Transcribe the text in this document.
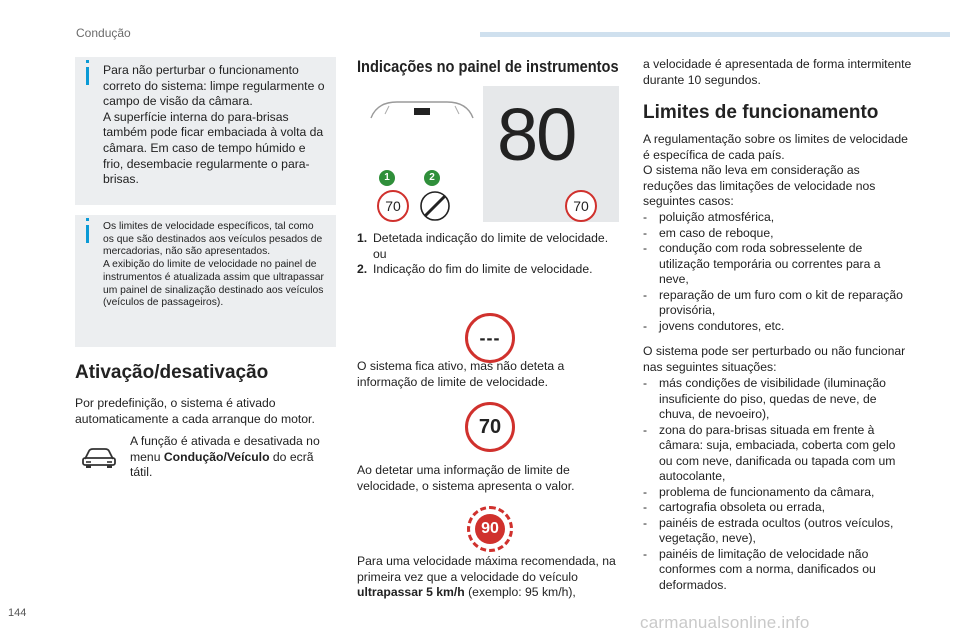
Condução
Para não perturbar o funcionamento correto do sistema: limpe regularmente o campo de visão da câmara.
A superfície interna do para-brisas também pode ficar embaciada à volta da câmara. Em caso de tempo húmido e frio, desembacie regularmente o para-brisas.
Os limites de velocidade específicos, tal como os que são destinados aos veículos pesados de mercadorias, não são apresentados.
A exibição do limite de velocidade no painel de instrumentos é atualizada assim que ultrapassar um painel de sinalização destinado aos veículos (veículos de passageiros).
Ativação/desativação
Por predefinição, o sistema é ativado automaticamente a cada arranque do motor.
A função é ativada e desativada no menu Condução/Veículo do ecrã tátil.
Indicações no painel de instrumentos
80
1	2
70	70
1. Detetada indicação do limite de velocidade.
ou
2. Indicação do fim do limite de velocidade.
---
O sistema fica ativo, mas não deteta a informação de limite de velocidade.
70
Ao detetar uma informação de limite de velocidade, o sistema apresenta o valor.
90
Para uma velocidade máxima recomendada, na primeira vez que a velocidade do veículo ultrapassar 5 km/h (exemplo: 95 km/h),
a velocidade é apresentada de forma intermitente durante 10 segundos.
Limites de funcionamento
A regulamentação sobre os limites de velocidade é específica de cada país.
O sistema não leva em consideração as reduções das limitações de velocidade nos seguintes casos:
- poluição atmosférica,
- em caso de reboque,
- condução com roda sobresselente de utilização temporária ou correntes para a neve,
- reparação de um furo com o kit de reparação provisória,
- jovens condutores, etc.
O sistema pode ser perturbado ou não funcionar nas seguintes situações:
- más condições de visibilidade (iluminação insuficiente do piso, quedas de neve, de chuva, de nevoeiro),
- zona do para-brisas situada em frente à câmara: suja, embaciada, coberta com gelo ou com neve, danificada ou tapada com um autocolante,
- problema de funcionamento da câmara,
- cartografia obsoleta ou errada,
- painéis de estrada ocultos (outros veículos, vegetação, neve),
- painéis de limitação de velocidade não conformes com a norma, danificados ou deformados.
144	carmanualsonline.info
